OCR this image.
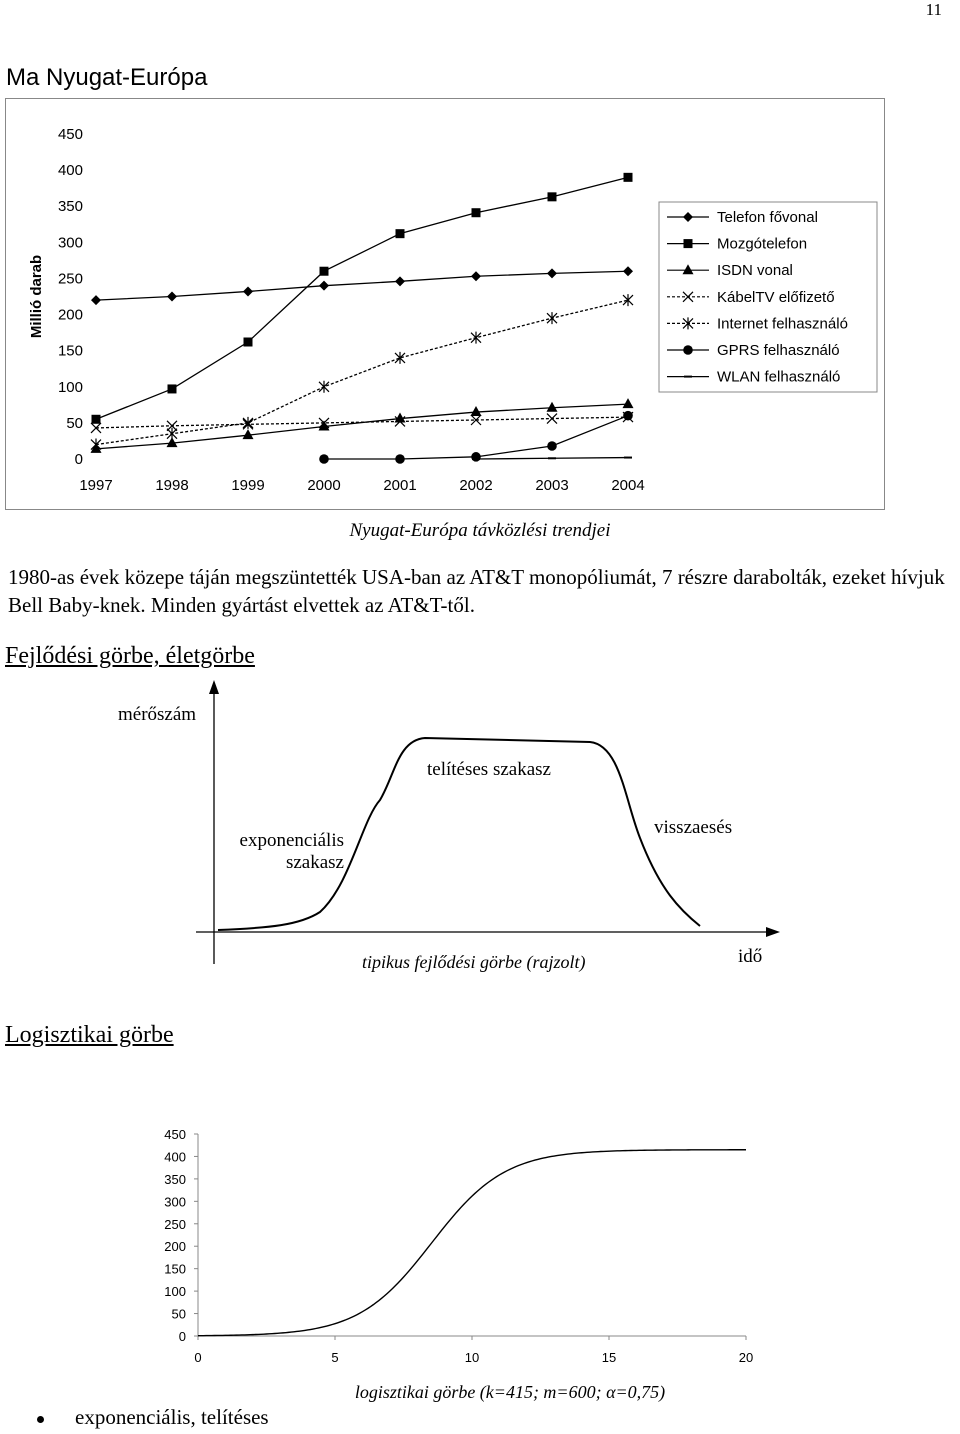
11
Ma Nyugat-Európa
Millió darab
0
50
100
150
200
250
300
350
400
450
1997	1998	1999	2000	2001	2002	2003	2004
Telefon fővonal
Mozgótelefon
ISDN vonal
KábelTV előfizető
Internet felhasználó
GPRS felhasználó
WLAN felhasználó
Nyugat-Európa távközlési trendjei
1980-as évek közepe táján megszüntették USA-ban az AT&T monopóliumát, 7 részre darabolták, ezeket hívjuk Bell Baby-knek. Minden gyártást elvettek az AT&T-től.
Fejlődési görbe, életgörbe
mérőszám
telítéses szakasz
exponenciális
szakasz
visszaesés
tipikus fejlődési görbe (rajzolt)	idő
Logisztikai görbe
0
50
100
150
200
250
300
350
400
450
0	5	10	15	20
logisztikai görbe (k=415; m=600; α=0,75)
exponenciális, telítéses
